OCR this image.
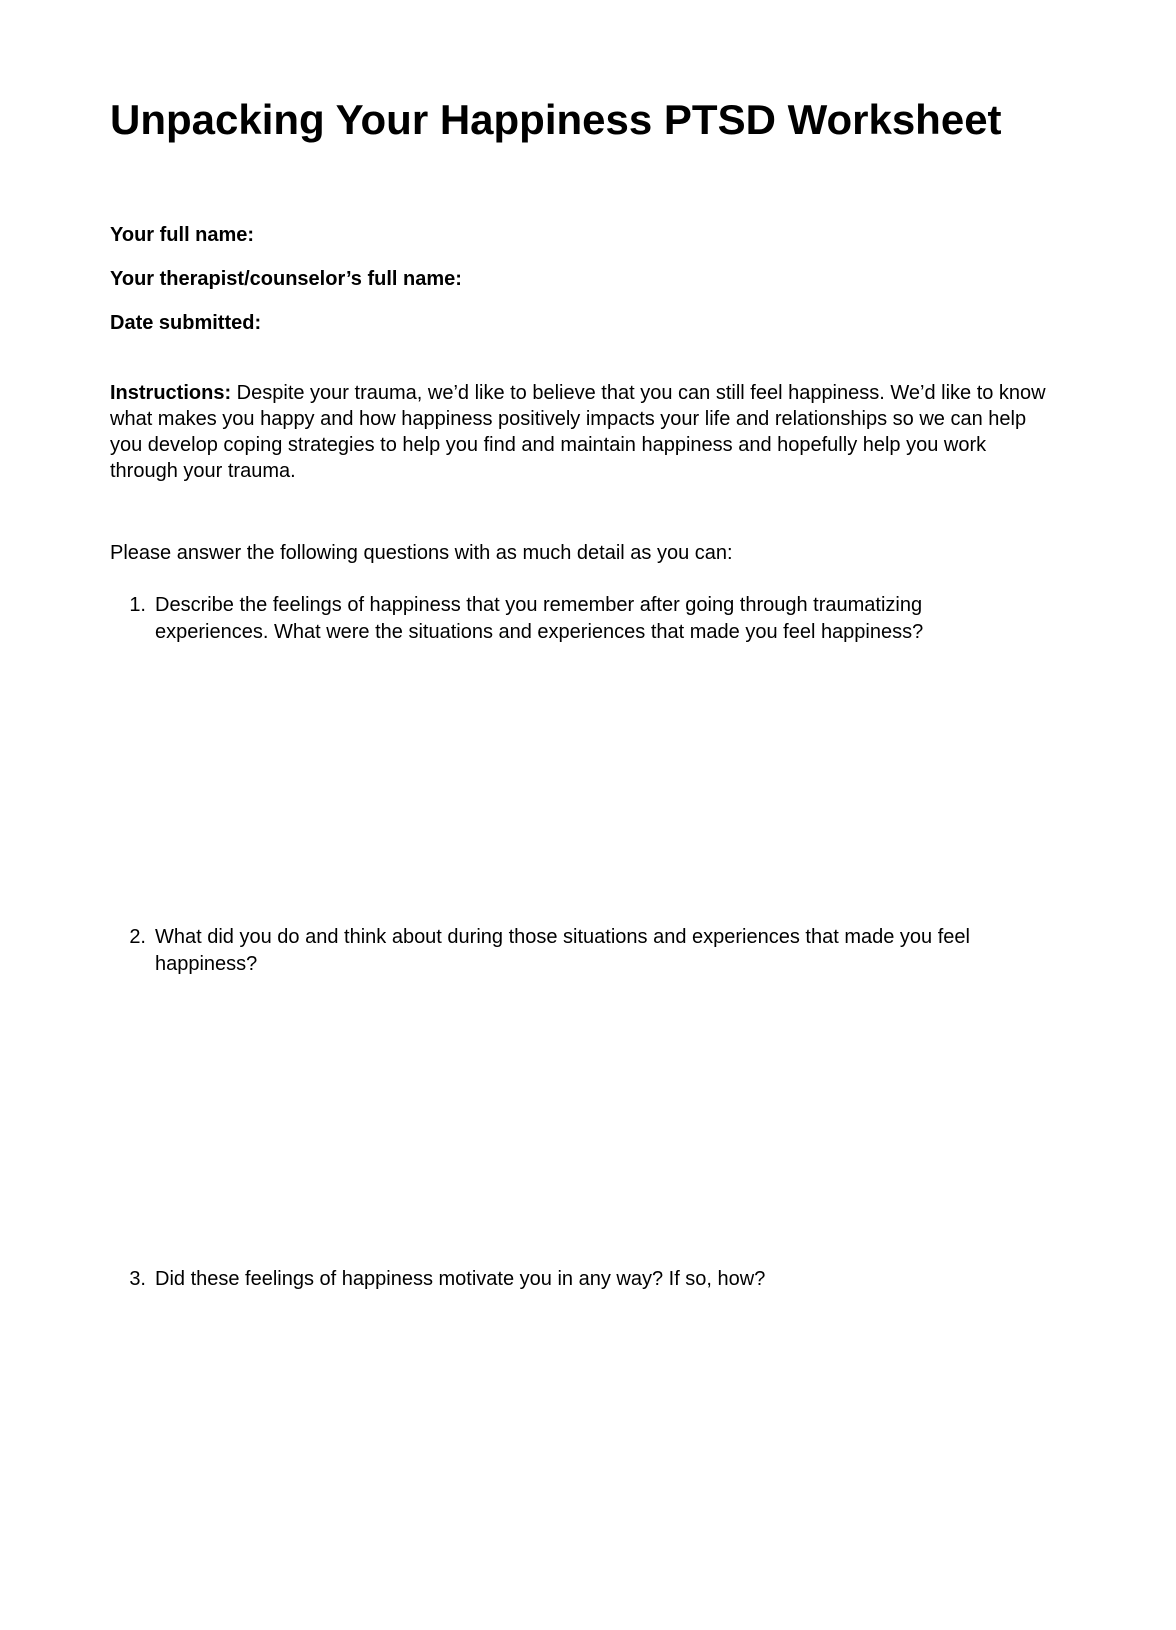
Unpacking Your Happiness PTSD Worksheet

Your full name:

Your therapist/counselor’s full name:

Date submitted:

Instructions: Despite your trauma, we’d like to believe that you can still feel happiness. We’d like to know what makes you happy and how happiness positively impacts your life and relationships so we can help you develop coping strategies to help you find and maintain happiness and hopefully help you work through your trauma.

Please answer the following questions with as much detail as you can:

1. Describe the feelings of happiness that you remember after going through traumatizing experiences. What were the situations and experiences that made you feel happiness?
2. What did you do and think about during those situations and experiences that made you feel happiness?
3. Did these feelings of happiness motivate you in any way? If so, how?
